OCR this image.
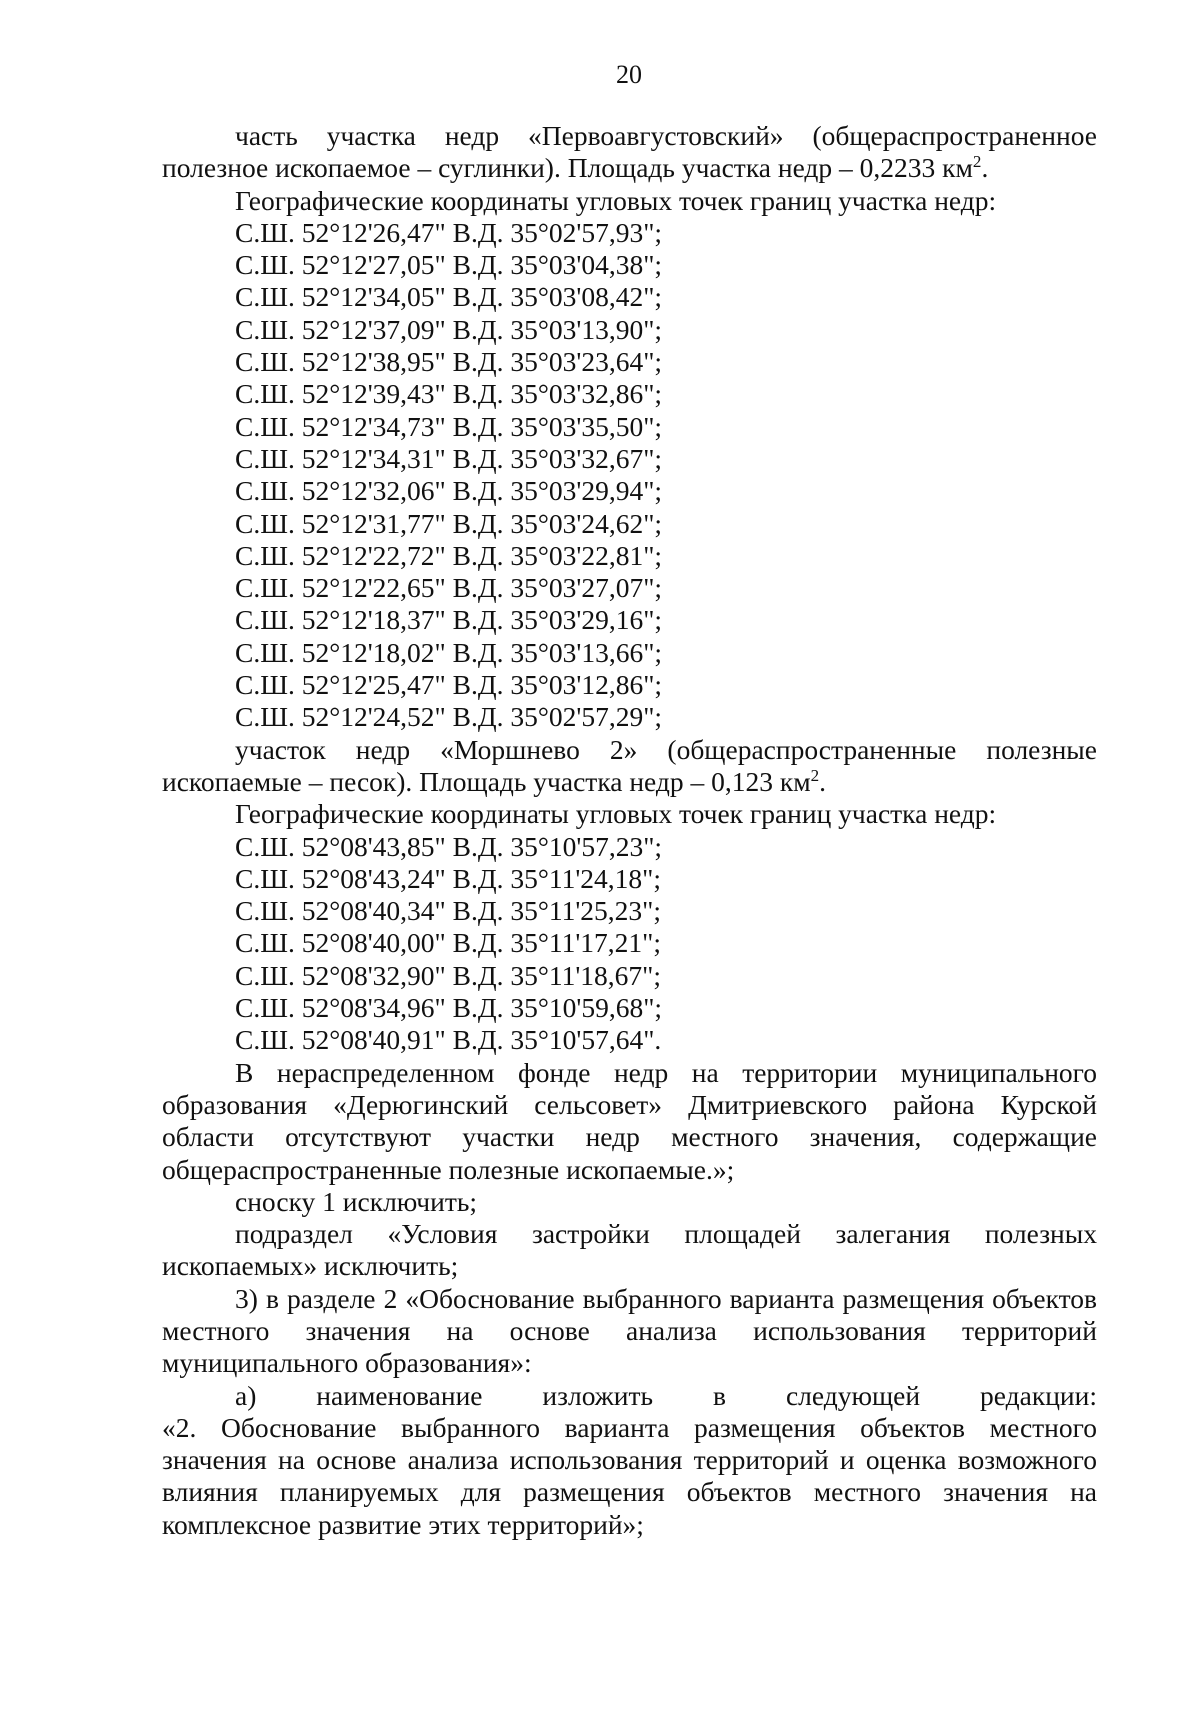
20

часть участка недр «Первоавгустовский» (общераспространенное полезное ископаемое – суглинки). Площадь участка недр – 0,2233 $км^2$.

Географические координаты угловых точек границ участка недр:

С.Ш. 52°12'26,47" В.Д. 35°02'57,93";

С.Ш. 52°12'27,05" В.Д. 35°03'04,38";

С.Ш. 52°12'34,05" В.Д. 35°03'08,42";

С.Ш. 52°12'37,09" В.Д. 35°03'13,90";

С.Ш. 52°12'38,95" В.Д. 35°03'23,64";

С.Ш. 52°12'39,43" В.Д. 35°03'32,86";

С.Ш. 52°12'34,73" В.Д. 35°03'35,50";

С.Ш. 52°12'34,31" В.Д. 35°03'32,67";

С.Ш. 52°12'32,06" В.Д. 35°03'29,94";

С.Ш. 52°12'31,77" В.Д. 35°03'24,62";

С.Ш. 52°12'22,72" В.Д. 35°03'22,81";

С.Ш. 52°12'22,65" В.Д. 35°03'27,07";

С.Ш. 52°12'18,37" В.Д. 35°03'29,16";

С.Ш. 52°12'18,02" В.Д. 35°03'13,66";

С.Ш. 52°12'25,47" В.Д. 35°03'12,86";

С.Ш. 52°12'24,52" В.Д. 35°02'57,29";

участок недр «Моршнево 2» (общераспространенные полезные ископаемые – песок). Площадь участка недр – 0,123 $км^2$.

Географические координаты угловых точек границ участка недр:

С.Ш. 52°08'43,85" В.Д. 35°10'57,23";

С.Ш. 52°08'43,24" В.Д. 35°11'24,18";

С.Ш. 52°08'40,34" В.Д. 35°11'25,23";

С.Ш. 52°08'40,00" В.Д. 35°11'17,21";

С.Ш. 52°08'32,90" В.Д. 35°11'18,67";

С.Ш. 52°08'34,96" В.Д. 35°10'59,68";

С.Ш. 52°08'40,91" В.Д. 35°10'57,64".

В нераспределенном фонде недр на территории муниципального образования «Дерюгинский сельсовет» Дмитриевского района Курской области отсутствуют участки недр местного значения, содержащие общераспространенные полезные ископаемые.»;

сноску 1 исключить;

подраздел «Условия застройки площадей залегания полезных ископаемых» исключить;

3) в разделе 2 «Обоснование выбранного варианта размещения объектов местного значения на основе анализа использования территорий муниципального образования»:

а) наименование изложить в следующей редакции:

«2. Обоснование выбранного варианта размещения объектов местного значения на основе анализа использования территорий и оценка возможного влияния планируемых для размещения объектов местного значения на комплексное развитие этих территорий»;
